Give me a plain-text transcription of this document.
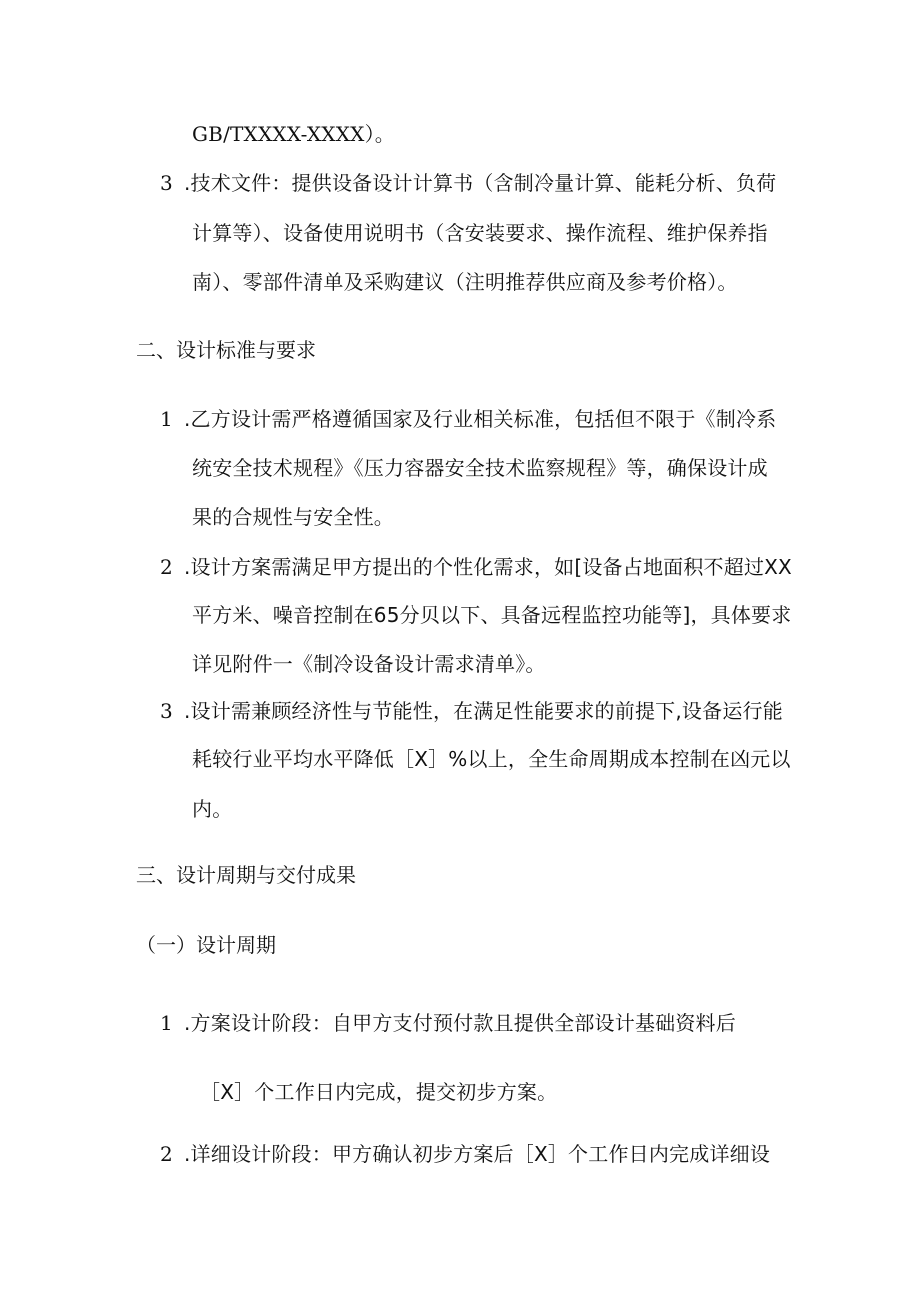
GB/TXXXX-XXXX）。
3 .技术文件：提供设备设计计算书（含制冷量计算、能耗分析、负荷
计算等）、设备使用说明书（含安装要求、操作流程、维护保养指
南）、零部件清单及采购建议（注明推荐供应商及参考价格）。
二、设计标准与要求
1 .乙方设计需严格遵循国家及行业相关标准，包括但不限于《制冷系
统安全技术规程》《压力容器安全技术监察规程》等，确保设计成
果的合规性与安全性。
2 .设计方案需满足甲方提出的个性化需求，如[设备占地面积不超过XX
平方米、噪音控制在65分贝以下、具备远程监控功能等]，具体要求
详见附件一《制冷设备设计需求清单》。
3 .设计需兼顾经济性与节能性，在满足性能要求的前提下,设备运行能
耗较行业平均水平降低［X］%以上，全生命周期成本控制在凶元以
内。
三、设计周期与交付成果
（一）设计周期
1 .方案设计阶段：自甲方支付预付款且提供全部设计基础资料后
［X］个工作日内完成，提交初步方案。
2 .详细设计阶段：甲方确认初步方案后［X］个工作日内完成详细设
